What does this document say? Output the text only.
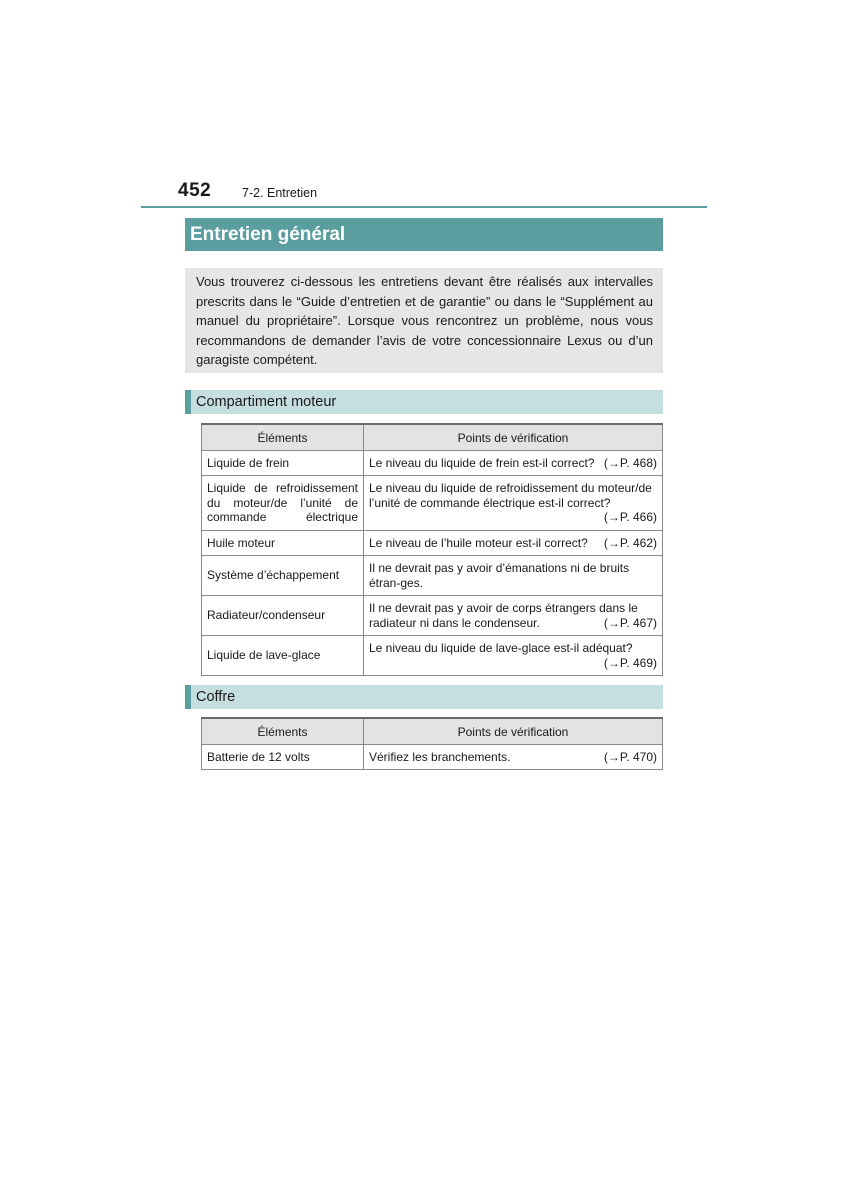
452 7-2. Entretien
Entretien général
Vous trouverez ci-dessous les entretiens devant être réalisés aux intervalles prescrits dans le “Guide d’entretien et de garantie” ou dans le “Supplément au manuel du propriétaire”. Lorsque vous rencontrez un problème, nous vous recommandons de demander l’avis de votre concessionnaire Lexus ou d’un garagiste compétent.
Compartiment moteur
Éléments	Points de vérification
Liquide de frein	Le niveau du liquide de frein est-il correct? (→P. 468)

Liquide de refroidissement du moteur/de l’unité de commande électrique	Le niveau du liquide de refroidissement du moteur/de l’unité de commande électrique est-il correct?
(→P. 466)

Huile moteur	Le niveau de l’huile moteur est-il correct? (→P. 462)

Système d’échappement	Il ne devrait pas y avoir d’émanations ni de bruits étran-ges.

Radiateur/condenseur	Il ne devrait pas y avoir de corps étrangers dans le radiateur ni dans le condenseur. (→P. 467)

Liquide de lave-glace	Le niveau du liquide de lave-glace est-il adéquat?
(→P. 469)
Coffre
Éléments	Points de vérification
Batterie de 12 volts	Vérifiez les branchements. (→P. 470)
